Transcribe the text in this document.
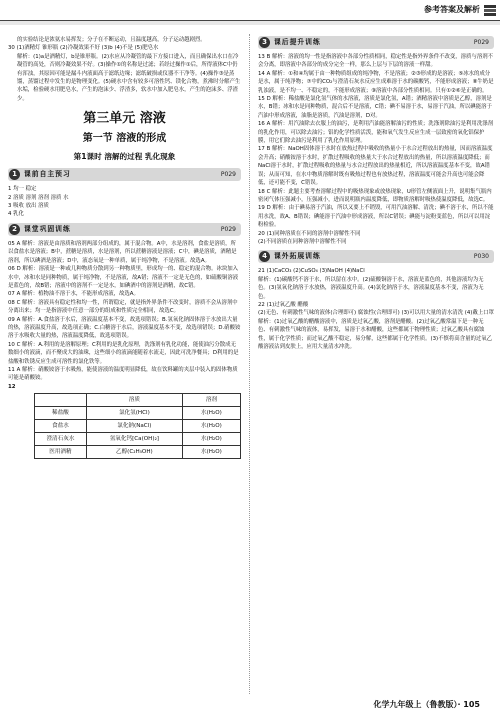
参考答案及解析

的实验结论是浓氨水易挥发；分子在不断运动，且温度越高，分子运动越剧烈。

30 (1)酒精灯 锥形瓶 (2)冷凝效果不好 (3)b (4)不是 (5)肥皂水

解析：(1)a是酒精灯，b是锥形瓶。(2)水应从冷凝管的最下方接口进入，而且确保出水口在冷凝管的高处，否则冷凝效果不好。(3)操作①的名称是过滤；若经过操作①后，所得液体C中仍有浑浊，其原因可能是漏斗内液面高于滤纸边缘；滤纸破损或仪器不干净等。(4)操作③是蒸馏，蒸馏过程中发生的是物理变化。(5)硬水中含有较多可溶性钙、镁化合物，煮沸时分解产生水垢，检验硬水用肥皂水，产生的泡沫少、浮渣多，软水中加入肥皂水，产生的泡沫多、浮渣少。

第三单元 溶液
第一节 溶液的形成
第1课时 溶解的过程 乳化现象
1	课前自主预习	P029

1 均一 稳定

2 溶质 溶剂 溶剂 溶质 水

3 吸收 放出 溶质

4 乳化

2	课堂巩固训练	P029

05 A 解析：溶液是由溶质和溶剂两部分组成的，属于混合物。A中，水是溶剂，食盐是溶质，所以食盐水是溶液；B中，蔗糖是溶质，水是溶剂，所以蔗糖溶液是溶液；C中，碘是溶质，酒精是溶剂，所以碘酒是溶液；D中，液态氧是一种单质，属于纯净物，不是溶液。故选A。

06 D 解析：溶液是一种或几种物质分散到另一种物质里，形成均一的、稳定的混合物。冰块加入水中，冰和水是同种物质，属于纯净物，不是溶液，故A错；溶液不一定是无色的，如硫酸铜溶液是蓝色的，故B错；溶液中的溶剂不一定是水，如碘酒中的溶剂是酒精，故C错。

07 A 解析：植物油不溶于水，不能形成溶液，故选A。

08 C 解析：溶液具有稳定性和均一性，所谓稳定，就是指外界条件不改变时，溶质不会从溶剂中分离出来；均一是指溶液中任意一部分的组成和性质完全相同，故选C。

09 A 解析：A.食盐溶于水后，溶液温度基本不变，故选项错误；B.氢氧化钠固体溶于水放出大量的热，溶液温度升高，故选项正确；C.白糖溶于水后，溶液温度基本不变，故选项错误；D.硝酸铵溶于水吸收大量的热，溶液温度降低，故选项错误。

10 C 解析：A.利用的是溶解原理；C利用的是乳化原理，洗涤剂有乳化功能，能使油污分散成无数细小的液滴，而不聚成大的油珠，这些细小的液滴能随着水流走，因此可洗净餐具；D利用的是盐酸和铁锈反应生成可溶性的氯化铁等。

11 A 解析：硝酸铵溶于水吸热，能使溶液的温度明显降低，故在饮料罐的夹层中装入的固体物质可能是硝酸铵。

12

	溶质	溶剂
稀盐酸	氯化氢(HCl)	水(H₂O)
食盐水	氯化钠(NaCl)	水(H₂O)
澄清石灰水	氢氧化钙[Ca(OH)₂]	水(H₂O)
医用酒精	乙醇(C₂H₅OH)	水(H₂O)
3	课后提升训练	P029

13 B 解析：溶液的均一性是指溶液中各部分性质相同，稳定性是指外界条件不改变，溶质与溶剂不会分离，即溶液中各部分的成分完全一样，那么上层与下层的溶液一样甜。

14 A 解析：①和④均属于由一种物质组成的纯净物，不是溶液；②③形成的是溶液；⑤冰水的成分是水，属于纯净物；⑦中的CO₂与澄清石灰水反应生成难溶于水的碳酸钙，不能形成溶液；⑧牛奶是乳浊液，是不均一、不稳定的，不能形成溶液；⑨溶液中各部分性质相同。只有①②⑥是正确的。

15 D 解析：稀盐酸是氯化氢气体的水溶液，溶质是氯化氢，A错；酒精溶液中溶质是乙醇，溶剂是水，B错；冰和水是同种物质，混合后不是溶液，C错；碘不易溶于水，易溶于汽油，所以碘能溶于汽油中形成溶液，油脂是溶质，汽油是溶剂，D对。

16 A 解析：用汽油除去衣服上的油污，是利用汽油能溶解油污的性质；洗涤剂除油污是利用洗涤剂的乳化作用，可以除去油污；铝的化学性质活泼，能和氧气发生反应生成一层致密的氧化铝保护膜，用它们除去油污是利用了乳化作用原理。

17 B 解析：NaOH固体溶于水时在放热过程中吸收的热量小于水合过程放出的热量，因而溶液温度会升高；硝酸铵溶于水时，扩散过程吸收的热量大于水合过程放出的热量，所以溶液温度降低；而NaCl溶于水时，扩散过程吸收的热量与水合过程放出的热量相近，所以溶液温度基本不变，故A错误；从而可知，在水中物质溶解时既有吸热过程也有放热过程，溶液温度可能会升高也可能会降低，还可能不变，C错误。

18 C 解析：此题主要考查溶解过程中的吸热现象或放热现象，U形管左侧液面上升，说明集气瓶内密闭气体压强减小，压强减小，进而说明瓶内温度降低，即物质溶解时吸热使温度降低，故选C。

19 D 解析：由于碘易溶于汽油，所以又要上不销毁，可用汽油溶解、清洗；碘不溶于水，所以不能用水洗，故A、B错误；碘能溶于汽油中形成溶液，所以C错误；碘能与淀粉变蓝色，所以可以用淀粉检验。

20 (1)同种溶质在不同的溶剂中溶解性不同
(2)不同溶质在同种溶剂中溶解性不同

4	课外拓展训练	P030

21 (1)CaCO₃ (2)CuSO₄ (3)NaOH (4)NaCl
解析：(1)碳酸钙不溶于水，所以留在水中。(2)硫酸铜溶于水，溶液是蓝色的，其他溶液均为无色。(3)氢氧化钠溶于水放热，溶液温度升高。(4)氯化钠溶于水，溶液温度基本不变，溶液为无色。

22 (1)过氧乙酸 醋酸
(2)无色、有刺激性气味的液体(合理即可) 腐蚀性(合理即可) (3)可以用大量的清水清洗 (4)戴上口罩
解析：(1)过氧乙酸的醋酸溶液中，溶质是过氧乙酸，溶剂是醋酸。(2)过氧乙酸常温下是一种无色、有刺激性气味的液体，易挥发，易溶于水和醋酸，这些都属于物理性质；过氧乙酸具有腐蚀性，属于化学性质；而过氧乙酸不稳定，易分解，这些都属于化学性质。(3)不慎将高含量的过氧乙酸溶液沾到皮肤上，应用大量清水冲洗。

化学九年级上（鲁教版）· 105
